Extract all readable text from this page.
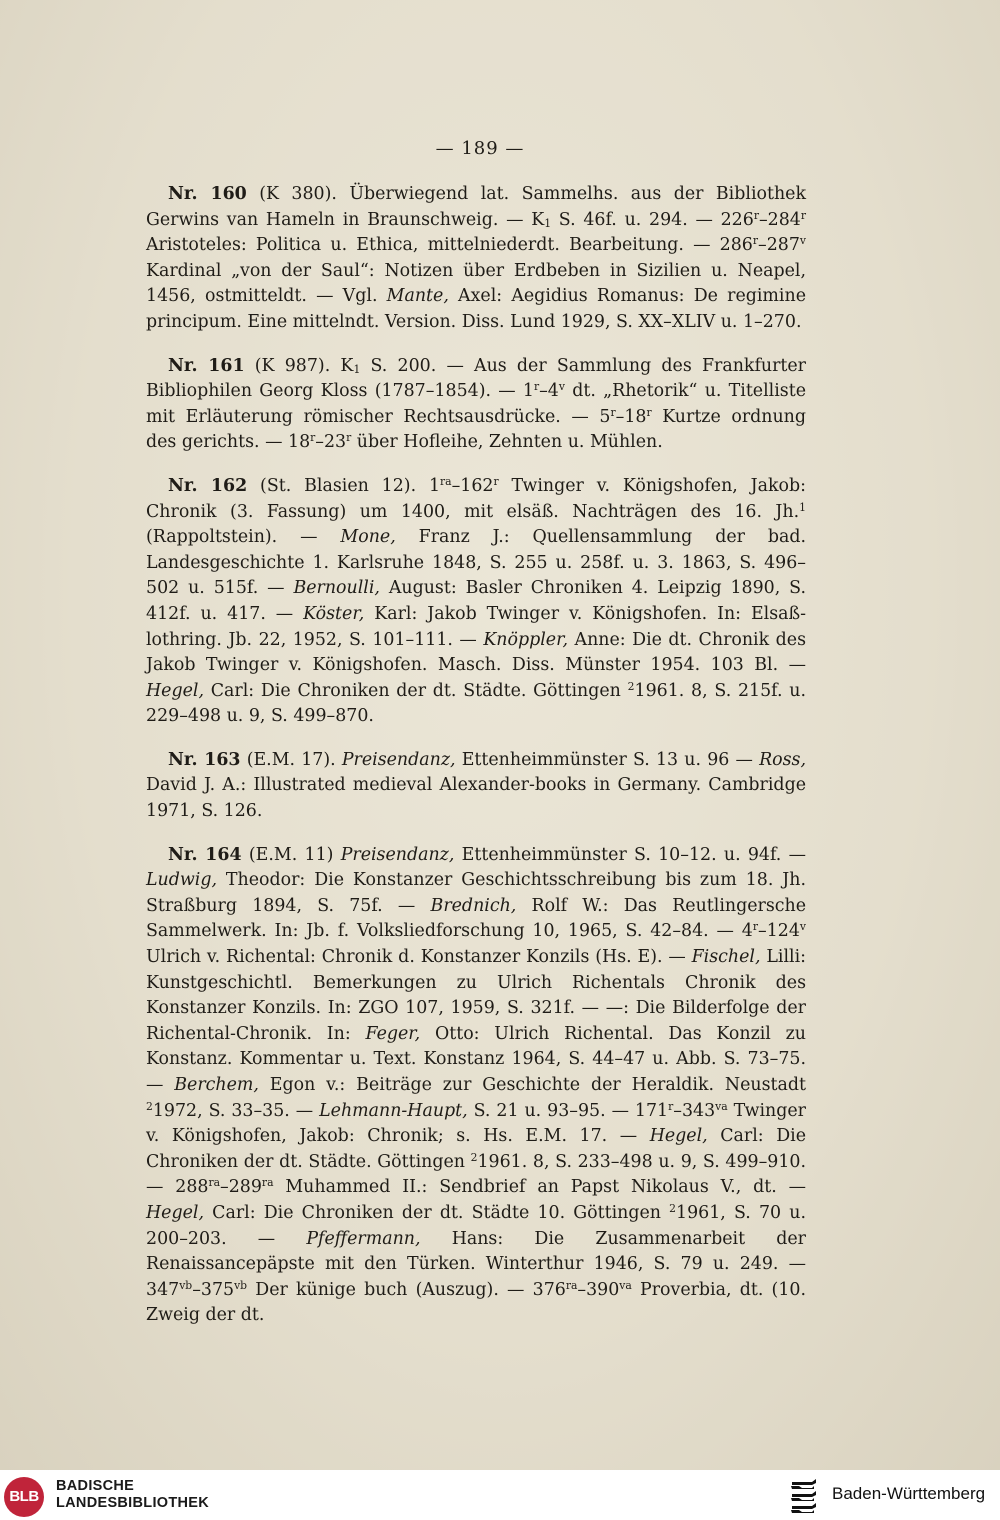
— 189 —

Nr. 160 (K 380). Überwiegend lat. Sammelhs. aus der Bibliothek Gerwins van Hameln in Braunschweig. — $K_1$ S. 46f. u. 294. — 226$^r$–284$^r$ Aristoteles: Politica u. Ethica, mittelniederdt. Bearbeitung. — 286$^r$–287$^v$ Kardinal „von der Saul“: Notizen über Erdbeben in Sizilien u. Neapel, 1456, ostmitteldt. — Vgl. Mante, Axel: Aegidius Romanus: De regimine principum. Eine mittelndt. Version. Diss. Lund 1929, S. XX–XLIV u. 1–270.

Nr. 161 (K 987). $K_1$ S. 200. — Aus der Sammlung des Frankfurter Bibliophilen Georg Kloss (1787–1854). — 1$^r$–4$^v$ dt. „Rhetorik“ u. Titelliste mit Erläuterung römischer Rechtsausdrücke. — 5$^r$–18$^r$ Kurtze ordnung des gerichts. — 18$^r$–23$^r$ über Hofleihe, Zehnten u. Mühlen.

Nr. 162 (St. Blasien 12). $1^{ra}-162^r$ Twinger v. Königshofen, Jakob: Chronik (3. Fassung) um 1400, mit elsäß. Nachträgen des 16. Jh.$^1$ (Rappoltstein). — Mone, Franz J.: Quellensammlung der bad. Landesgeschichte 1. Karlsruhe 1848, S. 255 u. 258f. u. 3. 1863, S. 496–502 u. 515f. — Bernoulli, August: Basler Chroniken 4. Leipzig 1890, S. 412f. u. 417. — Köster, Karl: Jakob Twinger v. Königshofen. In: Elsaß-lothring. Jb. 22, 1952, S. 101–111. — Knöppler, Anne: Die dt. Chronik des Jakob Twinger v. Königshofen. Masch. Diss. Münster 1954. 103 Bl. — Hegel, Carl: Die Chroniken der dt. Städte. Göttingen $^2$1961. 8, S. 215f. u. 229–498 u. 9, S. 499–870.

Nr. 163 (E.M. 17). Preisendanz, Ettenheimmünster S. 13 u. 96 — Ross, David J. A.: Illustrated medieval Alexander-books in Germany. Cambridge 1971, S. 126.

Nr. 164 (E.M. 11) Preisendanz, Ettenheimmünster S. 10–12. u. 94f. — Ludwig, Theodor: Die Konstanzer Geschichtsschreibung bis zum 18. Jh. Straßburg 1894, S. 75f. — Brednich, Rolf W.: Das Reutlingersche Sammelwerk. In: Jb. f. Volksliedforschung 10, 1965, S. 42–84. — 4$^r$–124$^v$ Ulrich v. Richental: Chronik d. Konstanzer Konzils (Hs. E). — Fischel, Lilli: Kunstgeschichtl. Bemerkungen zu Ulrich Richentals Chronik des Konstanzer Konzils. In: ZGO 107, 1959, S. 321f. — —: Die Bilderfolge der Richental-Chronik. In: Feger, Otto: Ulrich Richental. Das Konzil zu Konstanz. Kommentar u. Text. Konstanz 1964, S. 44–47 u. Abb. S. 73–75. — Berchem, Egon v.: Beiträge zur Geschichte der Heraldik. Neustadt $^2$1972, S. 33–35. — Lehmann-Haupt, S. 21 u. 93–95. — $171^r-343^{va}$ Twinger v. Königshofen, Jakob: Chronik; s. Hs. E.M. 17. — Hegel, Carl: Die Chroniken der dt. Städte. Göttingen $^2$1961. 8, S. 233–498 u. 9, S. 499–910. — $288^{ra}-289^{ra}$ Muhammed II.: Sendbrief an Papst Nikolaus V., dt. — Hegel, Carl: Die Chroniken der dt. Städte 10. Göttingen $^2$1961, S. 70 u. 200–203. — Pfeffermann, Hans: Die Zusammenarbeit der Renaissancepäpste mit den Türken. Winterthur 1946, S. 79 u. 249. — $347^{vb}-375^{vb}$ Der künige buch (Auszug). — $376^{ra}-390^{va}$ Proverbia, dt. (10. Zweig der dt.

BLB
BADISCHE
LANDESBIBLIOTHEK	Baden-Württemberg
